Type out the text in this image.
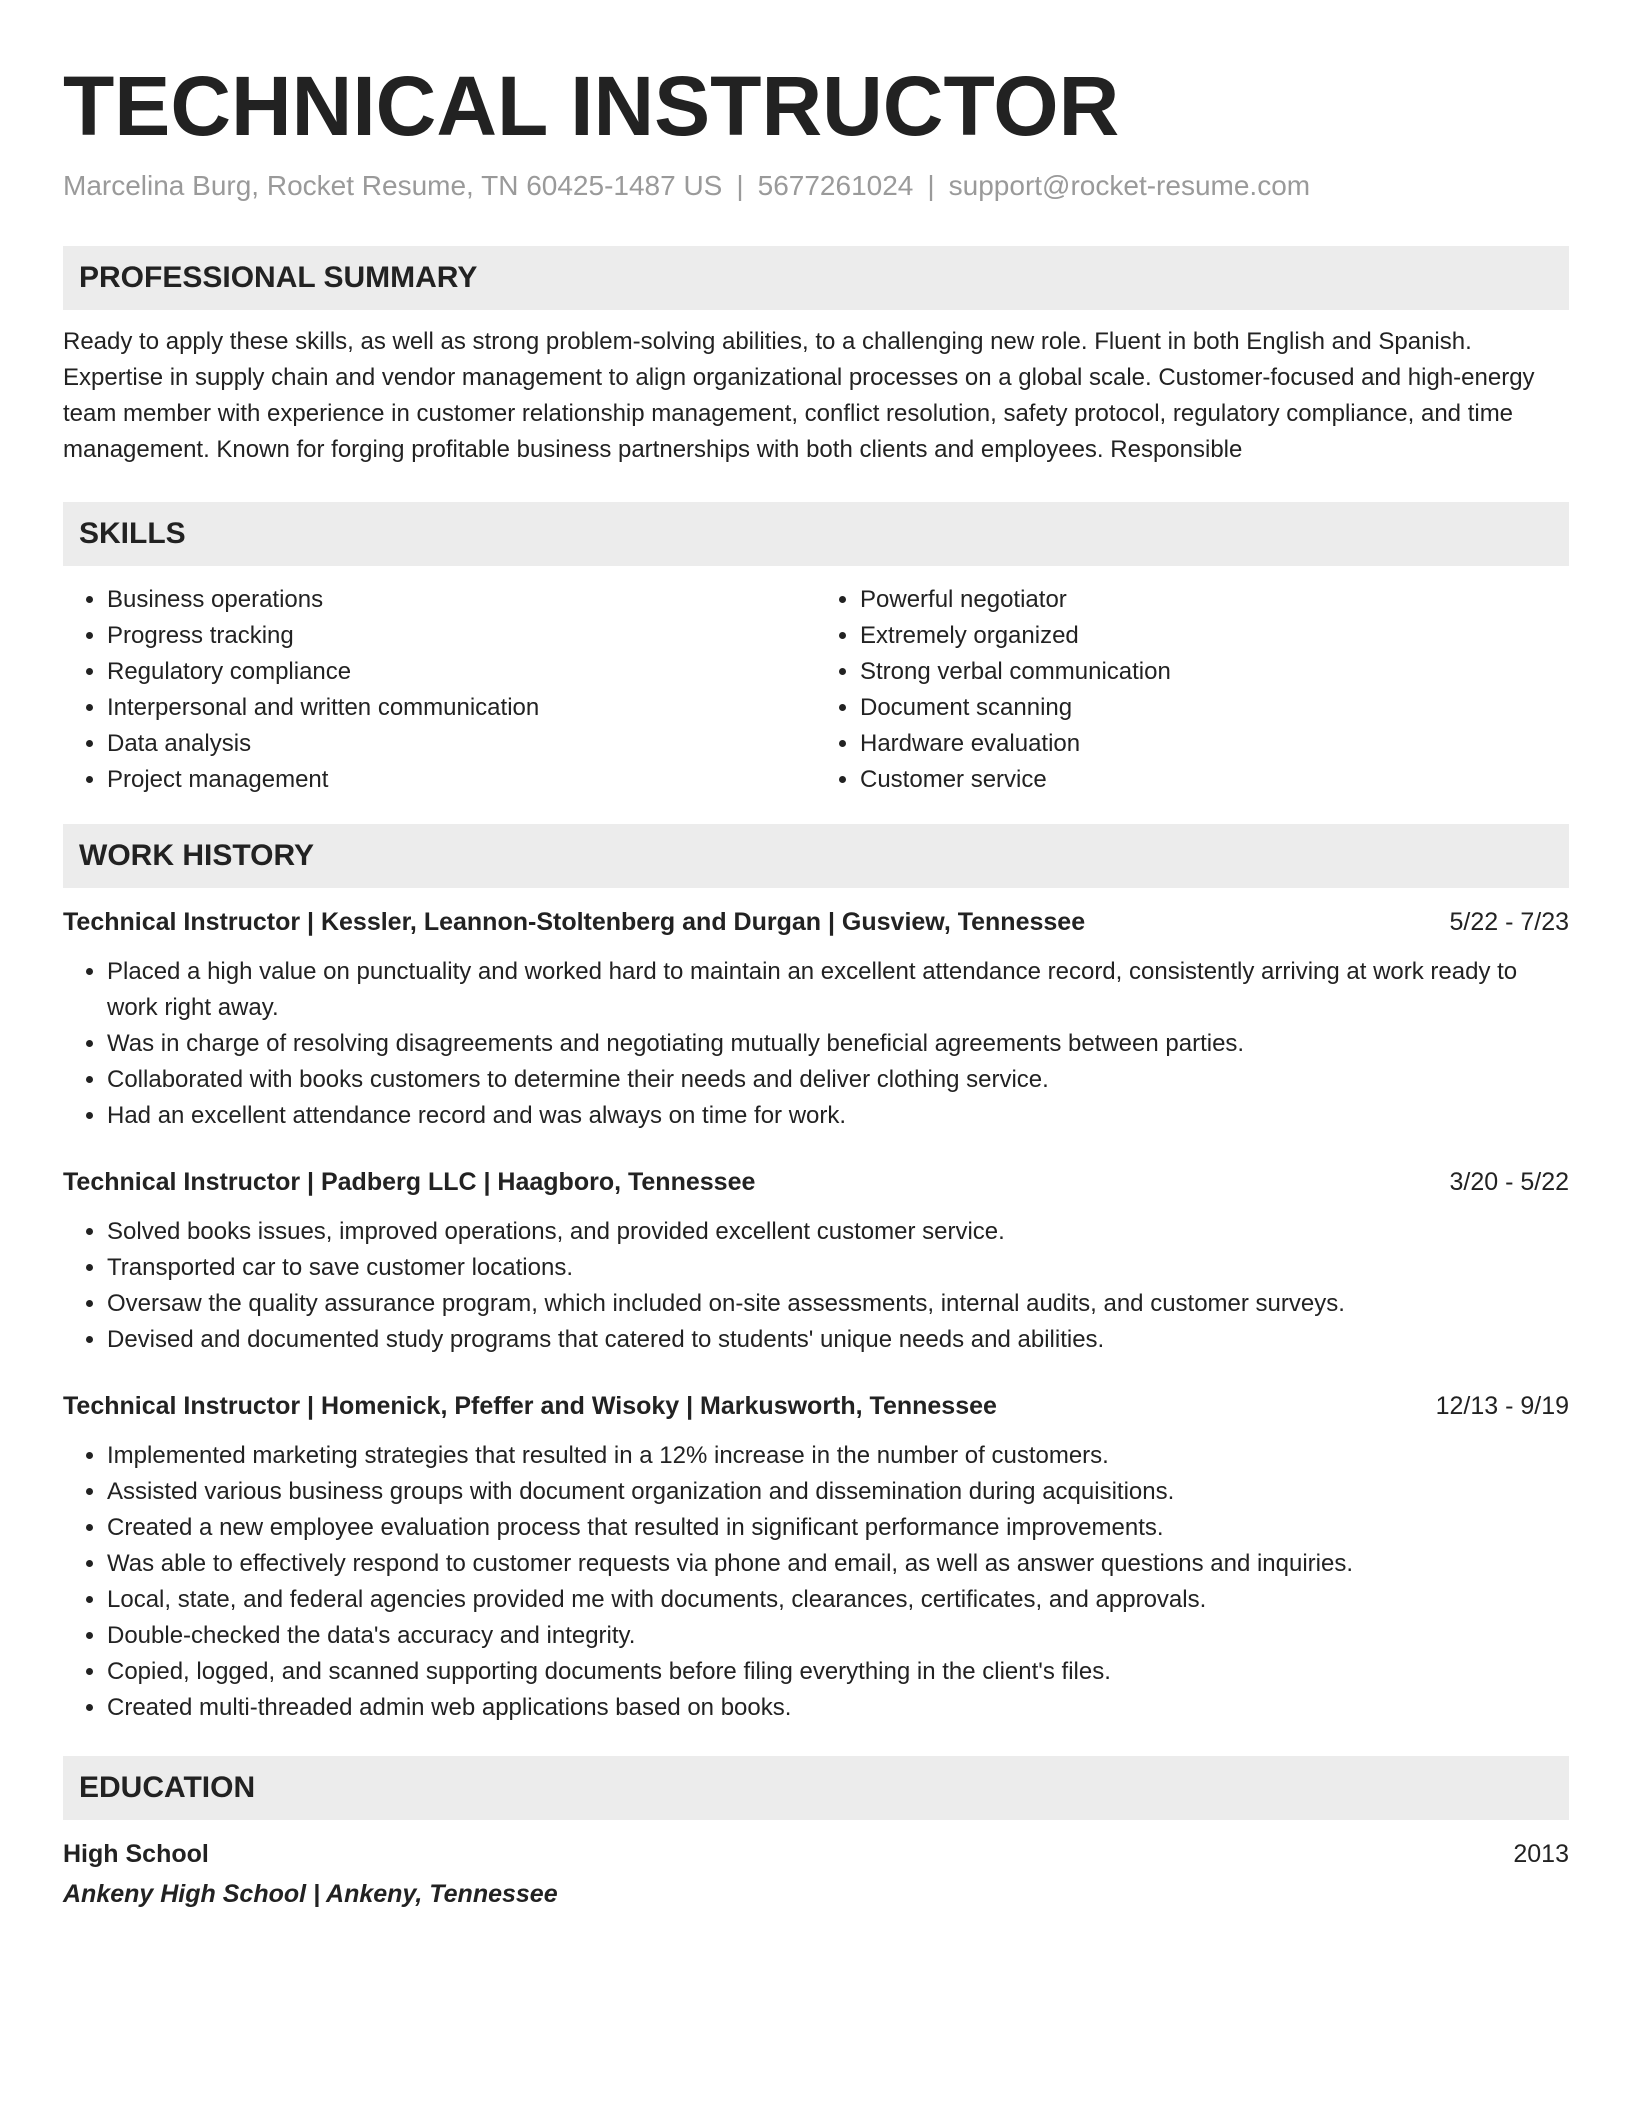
TECHNICAL INSTRUCTOR
Marcelina Burg, Rocket Resume, TN 60425-1487 US | 5677261024 | support@rocket-resume.com
PROFESSIONAL SUMMARY

Ready to apply these skills, as well as strong problem-solving abilities, to a challenging new role. Fluent in both English and Spanish. Expertise in supply chain and vendor management to align organizational processes on a global scale. Customer-focused and high-energy team member with experience in customer relationship management, conflict resolution, safety protocol, regulatory compliance, and time management. Known for forging profitable business partnerships with both clients and employees. Responsible

SKILLS
• Business operations
• Progress tracking
• Regulatory compliance
• Interpersonal and written communication
• Data analysis
• Project management
• Powerful negotiator
• Extremely organized
• Strong verbal communication
• Document scanning
• Hardware evaluation
• Customer service
WORK HISTORY
Technical Instructor | Kessler, Leannon-Stoltenberg and Durgan | Gusview, Tennessee	5/22 - 7/23
• Placed a high value on punctuality and worked hard to maintain an excellent attendance record, consistently arriving at work ready to work right away.
• Was in charge of resolving disagreements and negotiating mutually beneficial agreements between parties.
• Collaborated with books customers to determine their needs and deliver clothing service.
• Had an excellent attendance record and was always on time for work.
Technical Instructor | Padberg LLC | Haagboro, Tennessee	3/20 - 5/22
• Solved books issues, improved operations, and provided excellent customer service.
• Transported car to save customer locations.
• Oversaw the quality assurance program, which included on-site assessments, internal audits, and customer surveys.
• Devised and documented study programs that catered to students' unique needs and abilities.
Technical Instructor | Homenick, Pfeffer and Wisoky | Markusworth, Tennessee	12/13 - 9/19
• Implemented marketing strategies that resulted in a 12% increase in the number of customers.
• Assisted various business groups with document organization and dissemination during acquisitions.
• Created a new employee evaluation process that resulted in significant performance improvements.
• Was able to effectively respond to customer requests via phone and email, as well as answer questions and inquiries.
• Local, state, and federal agencies provided me with documents, clearances, certificates, and approvals.
• Double-checked the data's accuracy and integrity.
• Copied, logged, and scanned supporting documents before filing everything in the client's files.
• Created multi-threaded admin web applications based on books.
EDUCATION
High School	2013
Ankeny High School | Ankeny, Tennessee
